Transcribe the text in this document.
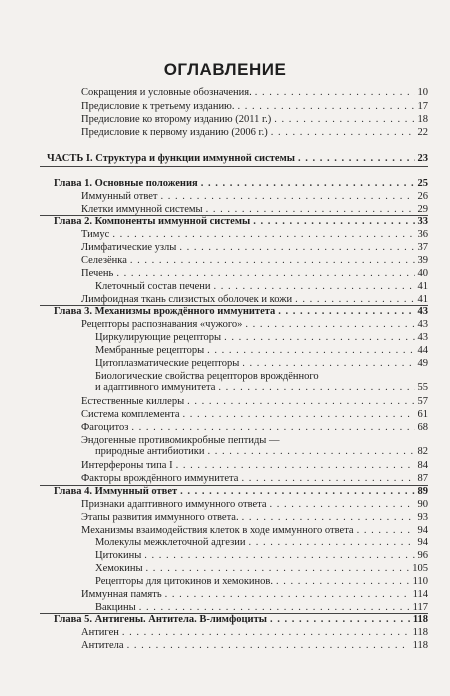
ОГЛАВЛЕНИЕ
Сокращения и условные обозначения. . . .	10
Предисловие к третьему изданию. . . .	17
Предисловие ко второму изданию (2011 г.) . . .	18
Предисловие к первому изданию (2006 г.) . . .	22
ЧАСТЬ I. Структура и функции иммунной системы . . .	23
Глава 1. Основные положения . . .	25
Иммунный ответ . . .	26
Клетки иммунной системы . . .	29
Глава 2. Компоненты иммунной системы . . .	33
Тимус . . .	36
Лимфатические узлы . . .	37
Селезёнка . . .	39
Печень . . .	40
Клеточный состав печени . . .	41
Лимфоидная ткань слизистых оболочек и кожи . . .	41
Глава 3. Механизмы врождённого иммунитета . . .	43
Рецепторы распознавания «чужого» . . .	43
Циркулирующие рецепторы . . .	43
Мембранные рецепторы . . .	44
Цитоплазматические рецепторы . . .	49
Биологические свойства рецепторов врождённого
и адаптивного иммунитета . . .	55
Естественные киллеры . . .	57
Система комплемента . . .	61
Фагоцитоз . . .	68
Эндогенные противомикробные пептиды —
природные антибиотики . . .	82
Интерфероны типа I . . .	84
Факторы врождённого иммунитета . . .	87
Глава 4. Иммунный ответ . . .	89
Признаки адаптивного иммунного ответа . . .	90
Этапы развития иммунного ответа. . . .	93
Механизмы взаимодействия клеток в ходе иммунного ответа . . .	94
Молекулы межклеточной адгезии . . .	94
Цитокины . . .	96
Хемокины . . .	105
Рецепторы для цитокинов и хемокинов. . . .	110
Иммунная память . . .	114
Вакцины . . .	117
Глава 5. Антигены. Антитела. В-лимфоциты . . .	118
Антиген . . .	118
Антитела . . .	118
